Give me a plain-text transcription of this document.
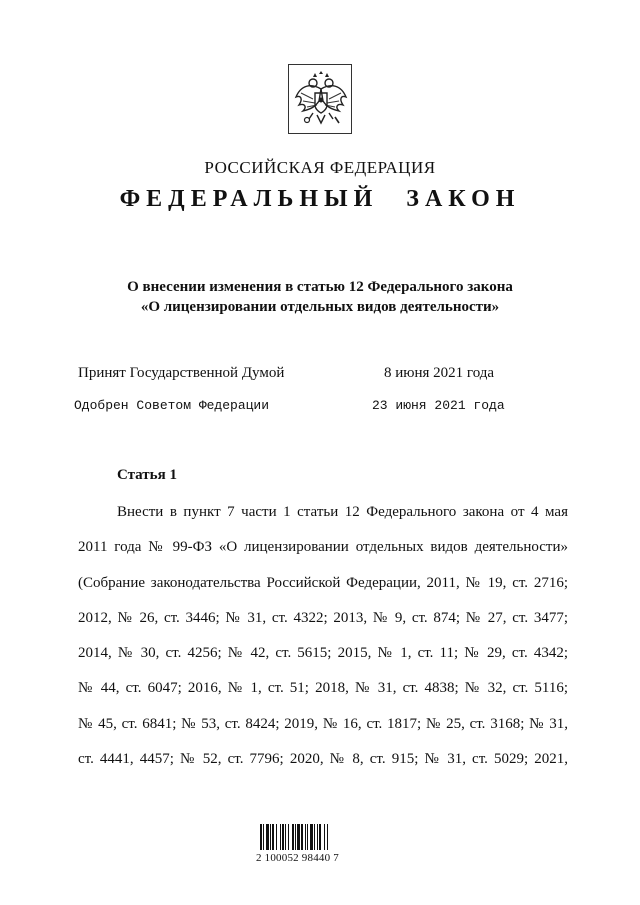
РОССИЙСКАЯ ФЕДЕРАЦИЯ
ФЕДЕРАЛЬНЫЙ ЗАКОН
О внесении изменения в статью 12 Федерального закона
«О лицензировании отдельных видов деятельности»
Принят Государственной Думой	8 июня 2021 года
Одобрен Советом Федерации	23 июня 2021 года
Статья 1
Внести в пункт 7 части 1 статьи 12 Федерального закона от 4 мая
2011 года № 99-ФЗ «О лицензировании отдельных видов деятельности»
(Собрание законодательства Российской Федерации, 2011, № 19, ст. 2716;
2012, № 26, ст. 3446; № 31, ст. 4322; 2013, № 9, ст. 874; № 27, ст. 3477;
2014, № 30, ст. 4256; № 42, ст. 5615; 2015, № 1, ст. 11; № 29, ст. 4342;
№ 44, ст. 6047; 2016, № 1, ст. 51; 2018, № 31, ст. 4838; № 32, ст. 5116;
№ 45, ст. 6841; № 53, ст. 8424; 2019, № 16, ст. 1817; № 25, ст. 3168; № 31,
ст. 4441, 4457; № 52, ст. 7796; 2020, № 8, ст. 915; № 31, ст. 5029; 2021,
2 100052 98440 7
